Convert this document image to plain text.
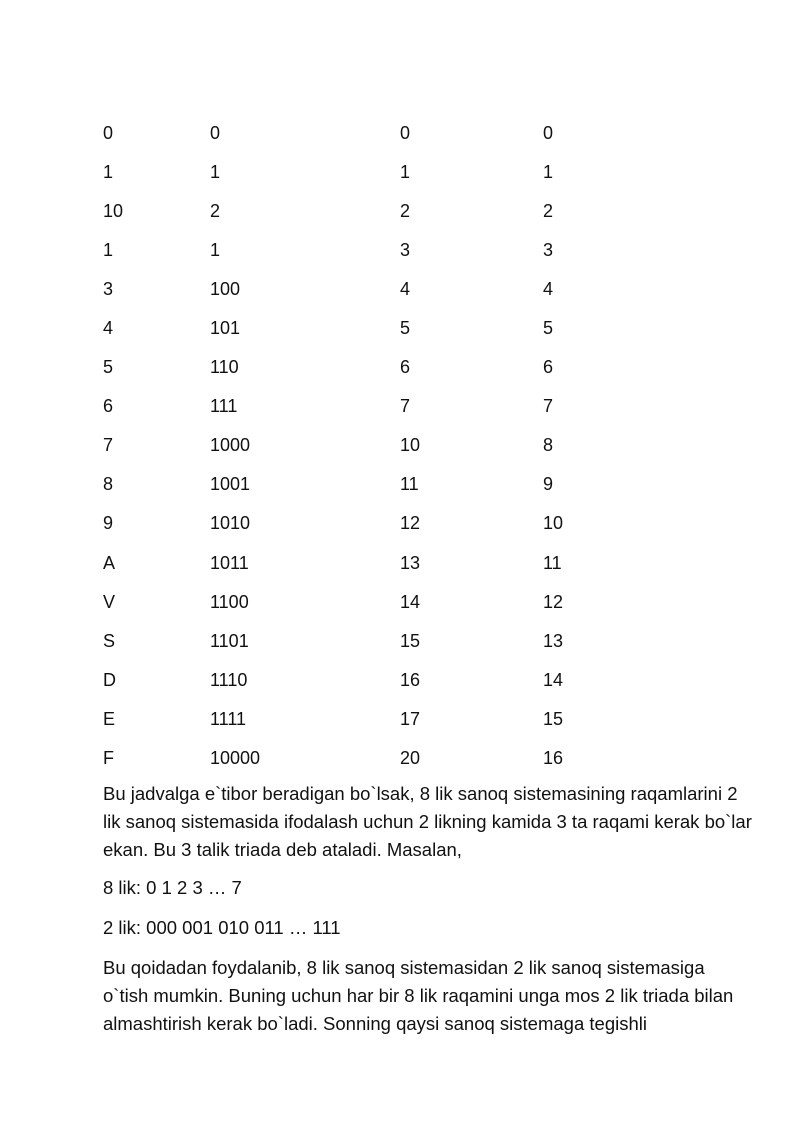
0	0	0	0
1	1	1	1
10	2	2	2
1	1	3	3
3	100	4	4
4	101	5	5
5	110	6	6
6	111	7	7
7	1000	10	8
8	1001	11	9
9	1010	12	10
A	1011	13	11
V	1100	14	12
S	1101	15	13
D	1110	16	14
E	1111	17	15
F	10000	20	16

Bu jadvalga e`tibor beradigan bo`lsak, 8 lik sanoq sistemasining raqamlarini 2 lik sanoq sistemasida ifodalash uchun 2 likning kamida 3 ta raqami kerak bo`lar ekan. Bu 3 talik triada deb ataladi. Masalan,

8 lik: 0 1 2 3 … 7

2 lik: 000 001 010 011 … 111

Bu qoidadan foydalanib, 8 lik sanoq sistemasidan 2 lik sanoq sistemasiga o`tish mumkin. Buning uchun har bir 8 lik raqamini unga mos 2 lik triada bilan almashtirish kerak bo`ladi. Sonning qaysi sanoq sistemaga tegishli
